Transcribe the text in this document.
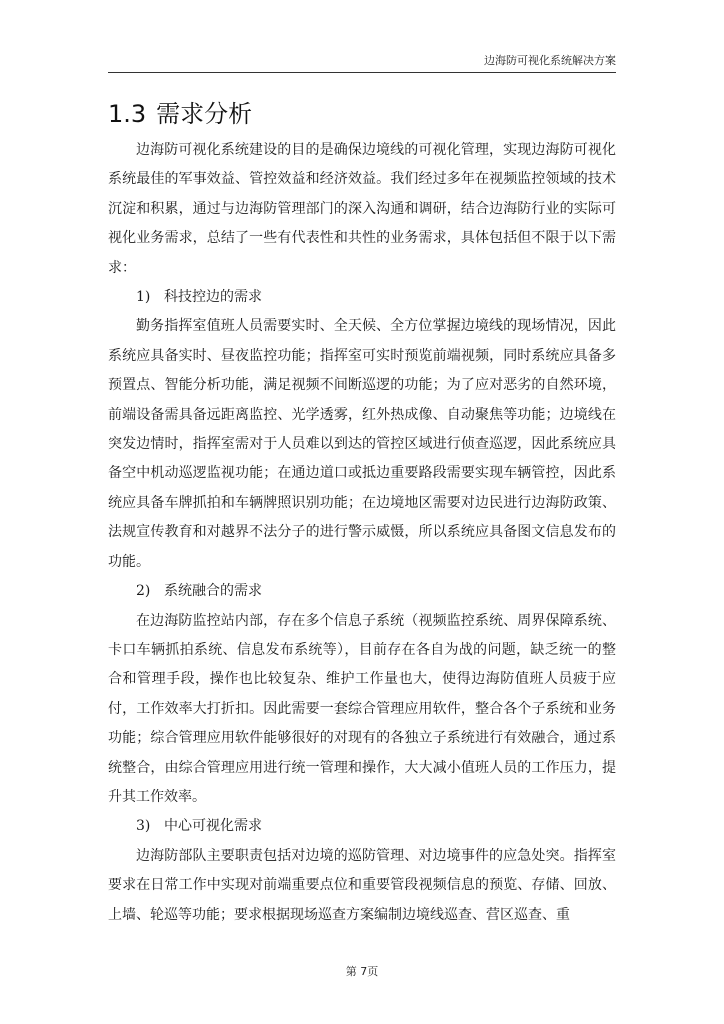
边海防可视化系统解决方案
1.3 需求分析

边海防可视化系统建设的目的是确保边境线的可视化管理，实现边海防可视化系统最佳的军事效益、管控效益和经济效益。我们经过多年在视频监控领域的技术沉淀和积累，通过与边海防管理部门的深入沟通和调研，结合边海防行业的实际可视化业务需求，总结了一些有代表性和共性的业务需求，具体包括但不限于以下需求：

1) 科技控边的需求

勤务指挥室值班人员需要实时、全天候、全方位掌握边境线的现场情况，因此系统应具备实时、昼夜监控功能；指挥室可实时预览前端视频，同时系统应具备多预置点、智能分析功能，满足视频不间断巡逻的功能；为了应对恶劣的自然环境，前端设备需具备远距离监控、光学透雾，红外热成像、自动聚焦等功能；边境线在突发边情时，指挥室需对于人员难以到达的管控区域进行侦查巡逻，因此系统应具备空中机动巡逻监视功能；在通边道口或抵边重要路段需要实现车辆管控，因此系统应具备车牌抓拍和车辆牌照识别功能；在边境地区需要对边民进行边海防政策、法规宣传教育和对越界不法分子的进行警示威慑，所以系统应具备图文信息发布的功能。

2) 系统融合的需求

在边海防监控站内部，存在多个信息子系统（视频监控系统、周界保障系统、卡口车辆抓拍系统、信息发布系统等），目前存在各自为战的问题，缺乏统一的整合和管理手段，操作也比较复杂、维护工作量也大，使得边海防值班人员疲于应付，工作效率大打折扣。因此需要一套综合管理应用软件，整合各个子系统和业务功能；综合管理应用软件能够很好的对现有的各独立子系统进行有效融合，通过系统整合，由综合管理应用进行统一管理和操作，大大减小值班人员的工作压力，提升其工作效率。

3) 中心可视化需求

边海防部队主要职责包括对边境的巡防管理、对边境事件的应急处突。指挥室要求在日常工作中实现对前端重要点位和重要管段视频信息的预览、存储、回放、上墙、轮巡等功能；要求根据现场巡查方案编制边境线巡查、营区巡查、重

第 7页
